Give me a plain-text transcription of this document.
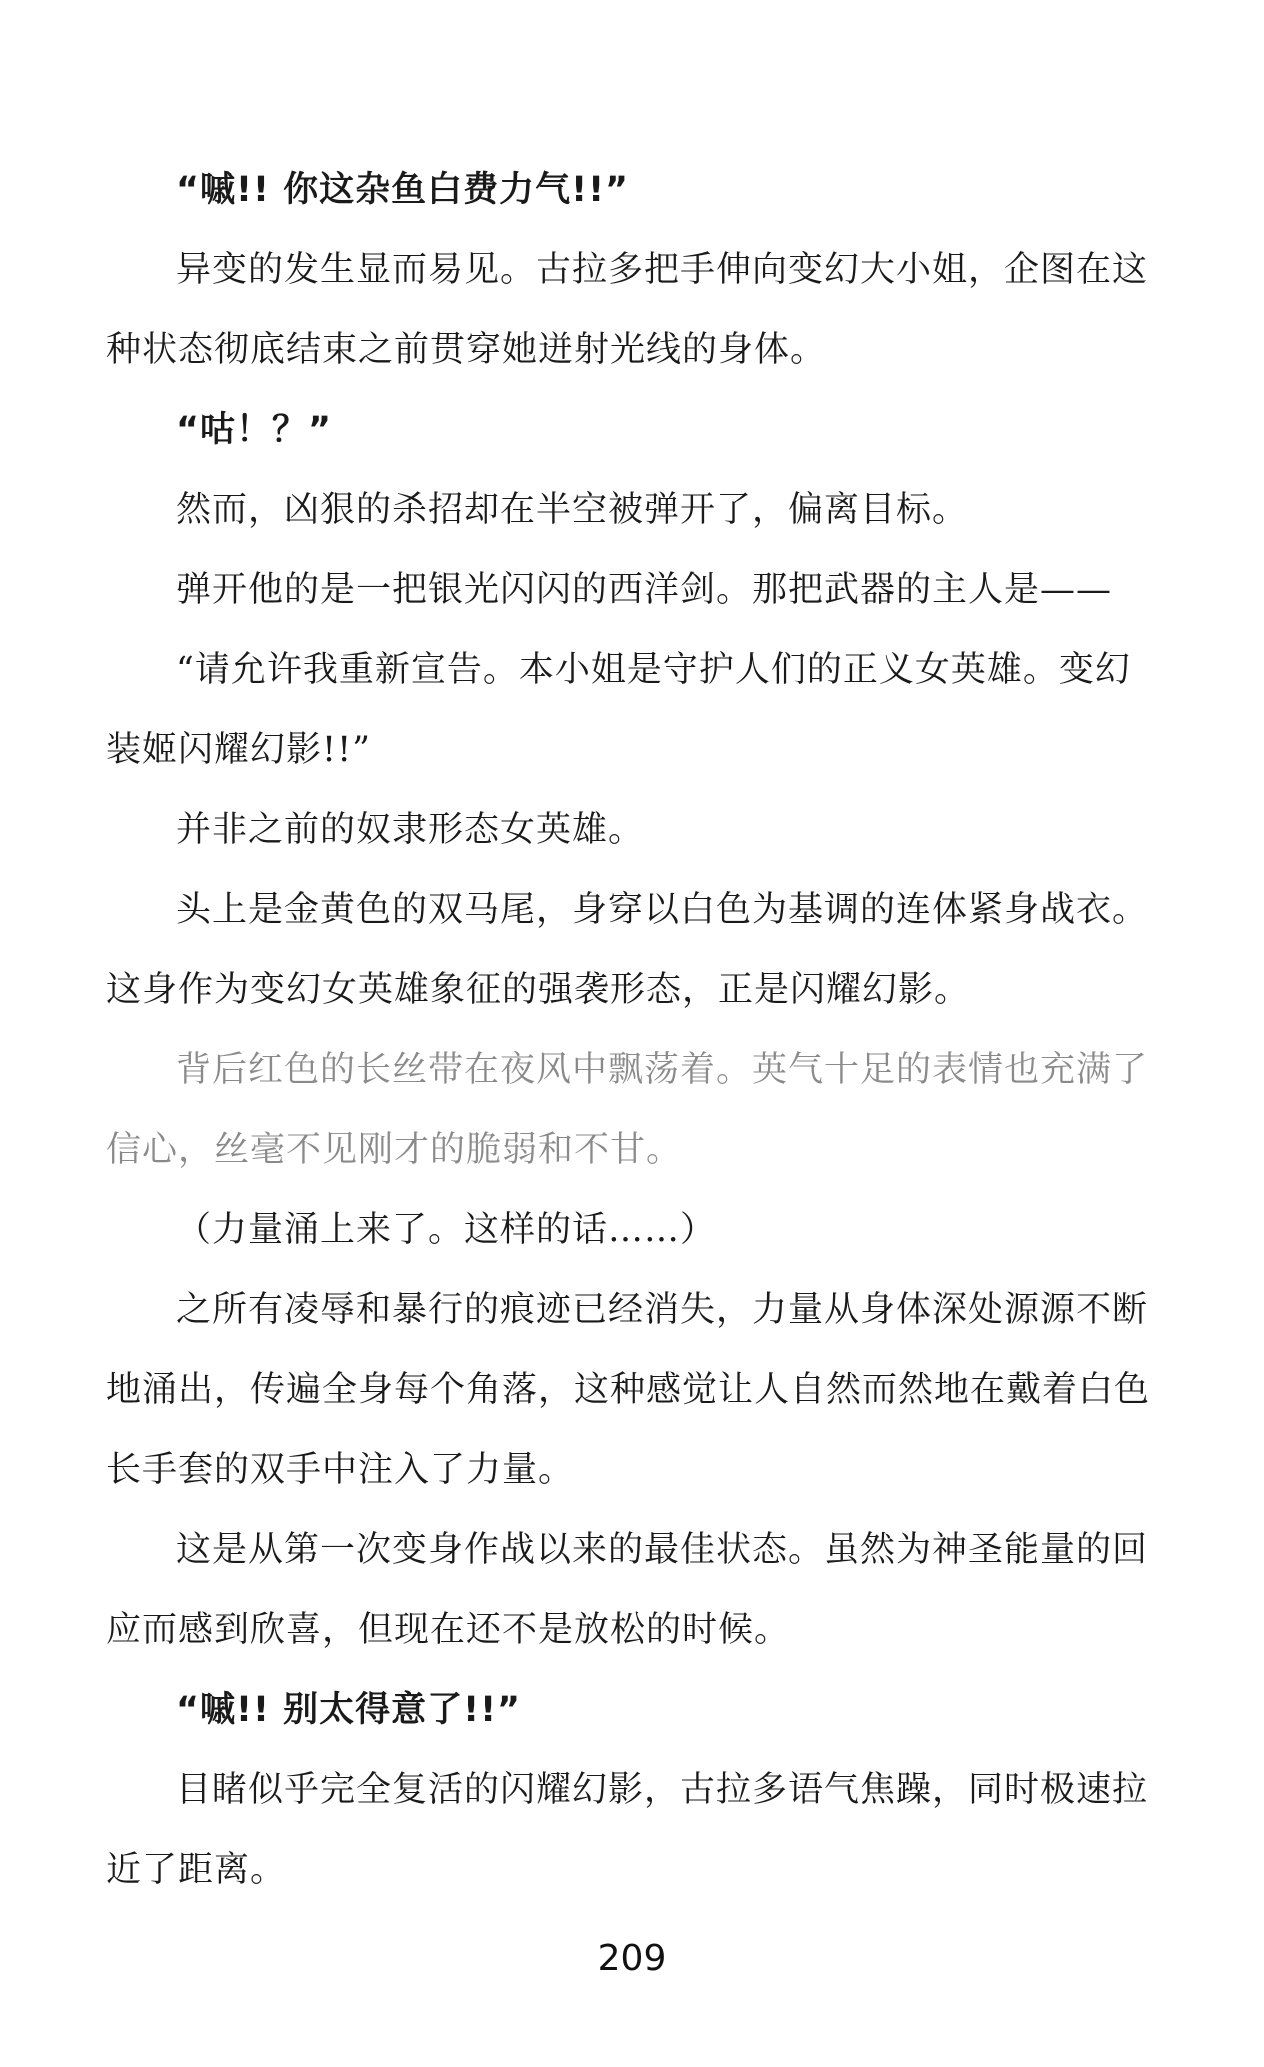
“嘁!! 你这杂鱼白费力气!!”

异变的发生显而易见。古拉多把手伸向变幻大小姐，企图在这种状态彻底结束之前贯穿她迸射光线的身体。

“咕！？”

然而，凶狠的杀招却在半空被弹开了，偏离目标。

弹开他的是一把银光闪闪的西洋剑。那把武器的主人是——

“请允许我重新宣告。本小姐是守护人们的正义女英雄。变幻装姬闪耀幻影!!”

并非之前的奴隶形态女英雄。

头上是金黄色的双马尾，身穿以白色为基调的连体紧身战衣。这身作为变幻女英雄象征的强袭形态，正是闪耀幻影。

背后红色的长丝带在夜风中飘荡着。英气十足的表情也充满了信心，丝毫不见刚才的脆弱和不甘。

（力量涌上来了。这样的话……）

之所有凌辱和暴行的痕迹已经消失，力量从身体深处源源不断地涌出，传遍全身每个角落，这种感觉让人自然而然地在戴着白色长手套的双手中注入了力量。

这是从第一次变身作战以来的最佳状态。虽然为神圣能量的回应而感到欣喜，但现在还不是放松的时候。

“嘁!! 别太得意了!!”

目睹似乎完全复活的闪耀幻影，古拉多语气焦躁，同时极速拉近了距离。

209
